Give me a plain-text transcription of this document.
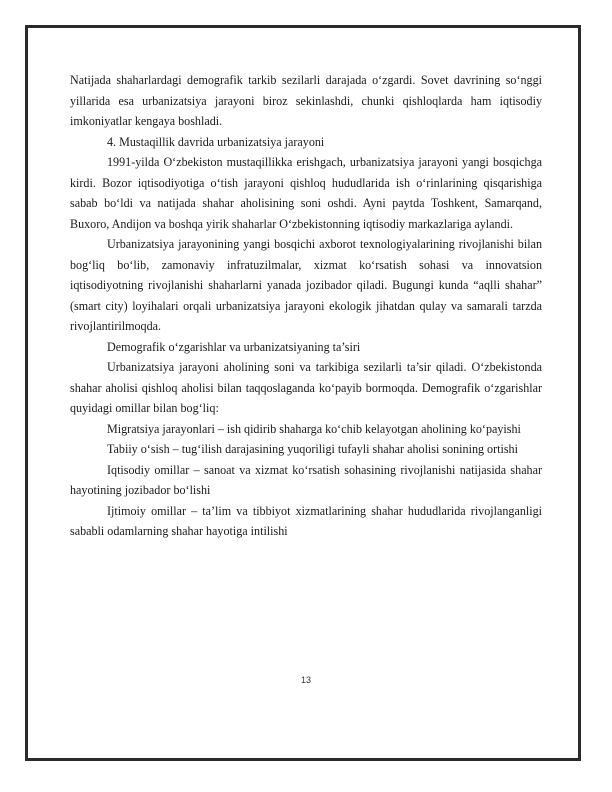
Natijada shaharlardagi demografik tarkib sezilarli darajada o‘zgardi. Sovet davrining so‘nggi yillarida esa urbanizatsiya jarayoni biroz sekinlashdi, chunki qishloqlarda ham iqtisodiy imkoniyatlar kengaya boshladi.

4. Mustaqillik davrida urbanizatsiya jarayoni

1991-yilda O‘zbekiston mustaqillikka erishgach, urbanizatsiya jarayoni yangi bosqichga kirdi. Bozor iqtisodiyotiga o‘tish jarayoni qishloq hududlarida ish o‘rinlarining qisqarishiga sabab bo‘ldi va natijada shahar aholisining soni oshdi. Ayni paytda Toshkent, Samarqand, Buxoro, Andijon va boshqa yirik shaharlar O‘zbekistonning iqtisodiy markazlariga aylandi.

Urbanizatsiya jarayonining yangi bosqichi axborot texnologiyalarining rivojlanishi bilan bog‘liq bo‘lib, zamonaviy infratuzilmalar, xizmat ko‘rsatish sohasi va innovatsion iqtisodiyotning rivojlanishi shaharlarni yanada jozibador qiladi. Bugungi kunda “aqlli shahar” (smart city) loyihalari orqali urbanizatsiya jarayoni ekologik jihatdan qulay va samarali tarzda rivojlantirilmoqda.

Demografik o‘zgarishlar va urbanizatsiyaning ta’siri

Urbanizatsiya jarayoni aholining soni va tarkibiga sezilarli ta’sir qiladi. O‘zbekistonda shahar aholisi qishloq aholisi bilan taqqoslaganda ko‘payib bormoqda. Demografik o‘zgarishlar quyidagi omillar bilan bog‘liq:

Migratsiya jarayonlari – ish qidirib shaharga ko‘chib kelayotgan aholining ko‘payishi

Tabiiy o‘sish – tug‘ilish darajasining yuqoriligi tufayli shahar aholisi sonining ortishi

Iqtisodiy omillar – sanoat va xizmat ko‘rsatish sohasining rivojlanishi natijasida shahar hayotining jozibador bo‘lishi

Ijtimoiy omillar – ta’lim va tibbiyot xizmatlarining shahar hududlarida rivojlanganligi sababli odamlarning shahar hayotiga intilishi

13
